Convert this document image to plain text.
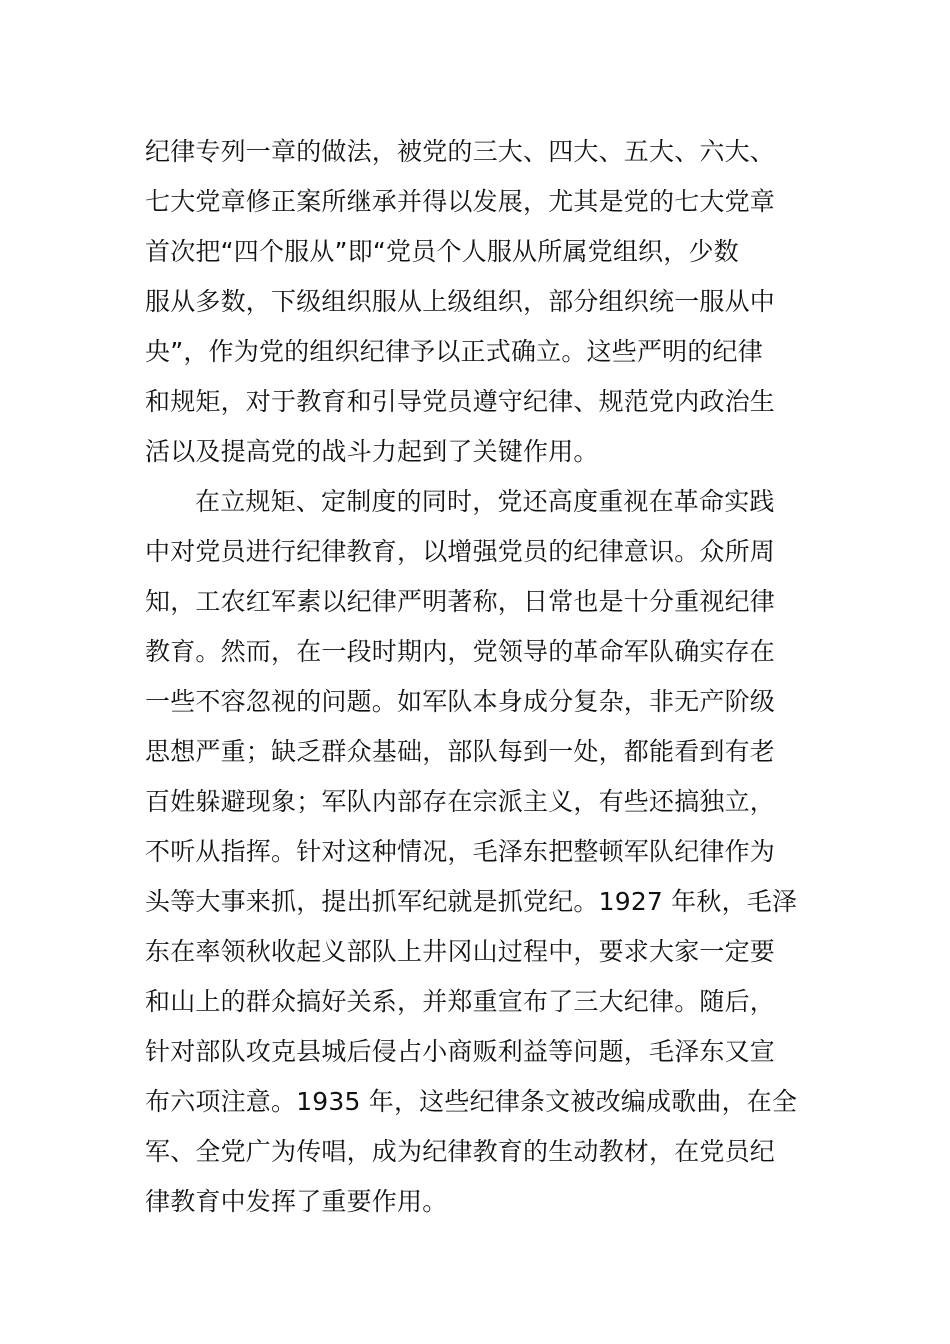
纪律专列一章的做法，被党的三大、四大、五大、六大、
七大党章修正案所继承并得以发展，尤其是党的七大党章
首次把“四个服从”即“党员个人服从所属党组织，少数
服从多数，下级组织服从上级组织，部分组织统一服从中
央”，作为党的组织纪律予以正式确立。这些严明的纪律
和规矩，对于教育和引导党员遵守纪律、规范党内政治生
活以及提高党的战斗力起到了关键作用。
在立规矩、定制度的同时，党还高度重视在革命实践
中对党员进行纪律教育，以增强党员的纪律意识。众所周
知，工农红军素以纪律严明著称，日常也是十分重视纪律
教育。然而，在一段时期内，党领导的革命军队确实存在
一些不容忽视的问题。如军队本身成分复杂，非无产阶级
思想严重；缺乏群众基础，部队每到一处，都能看到有老
百姓躲避现象；军队内部存在宗派主义，有些还搞独立，
不听从指挥。针对这种情况，毛泽东把整顿军队纪律作为
头等大事来抓，提出抓军纪就是抓党纪。1927 年秋，毛泽
东在率领秋收起义部队上井冈山过程中，要求大家一定要
和山上的群众搞好关系，并郑重宣布了三大纪律。随后，
针对部队攻克县城后侵占小商贩利益等问题，毛泽东又宣
布六项注意。1935 年，这些纪律条文被改编成歌曲，在全
军、全党广为传唱，成为纪律教育的生动教材，在党员纪
律教育中发挥了重要作用。
